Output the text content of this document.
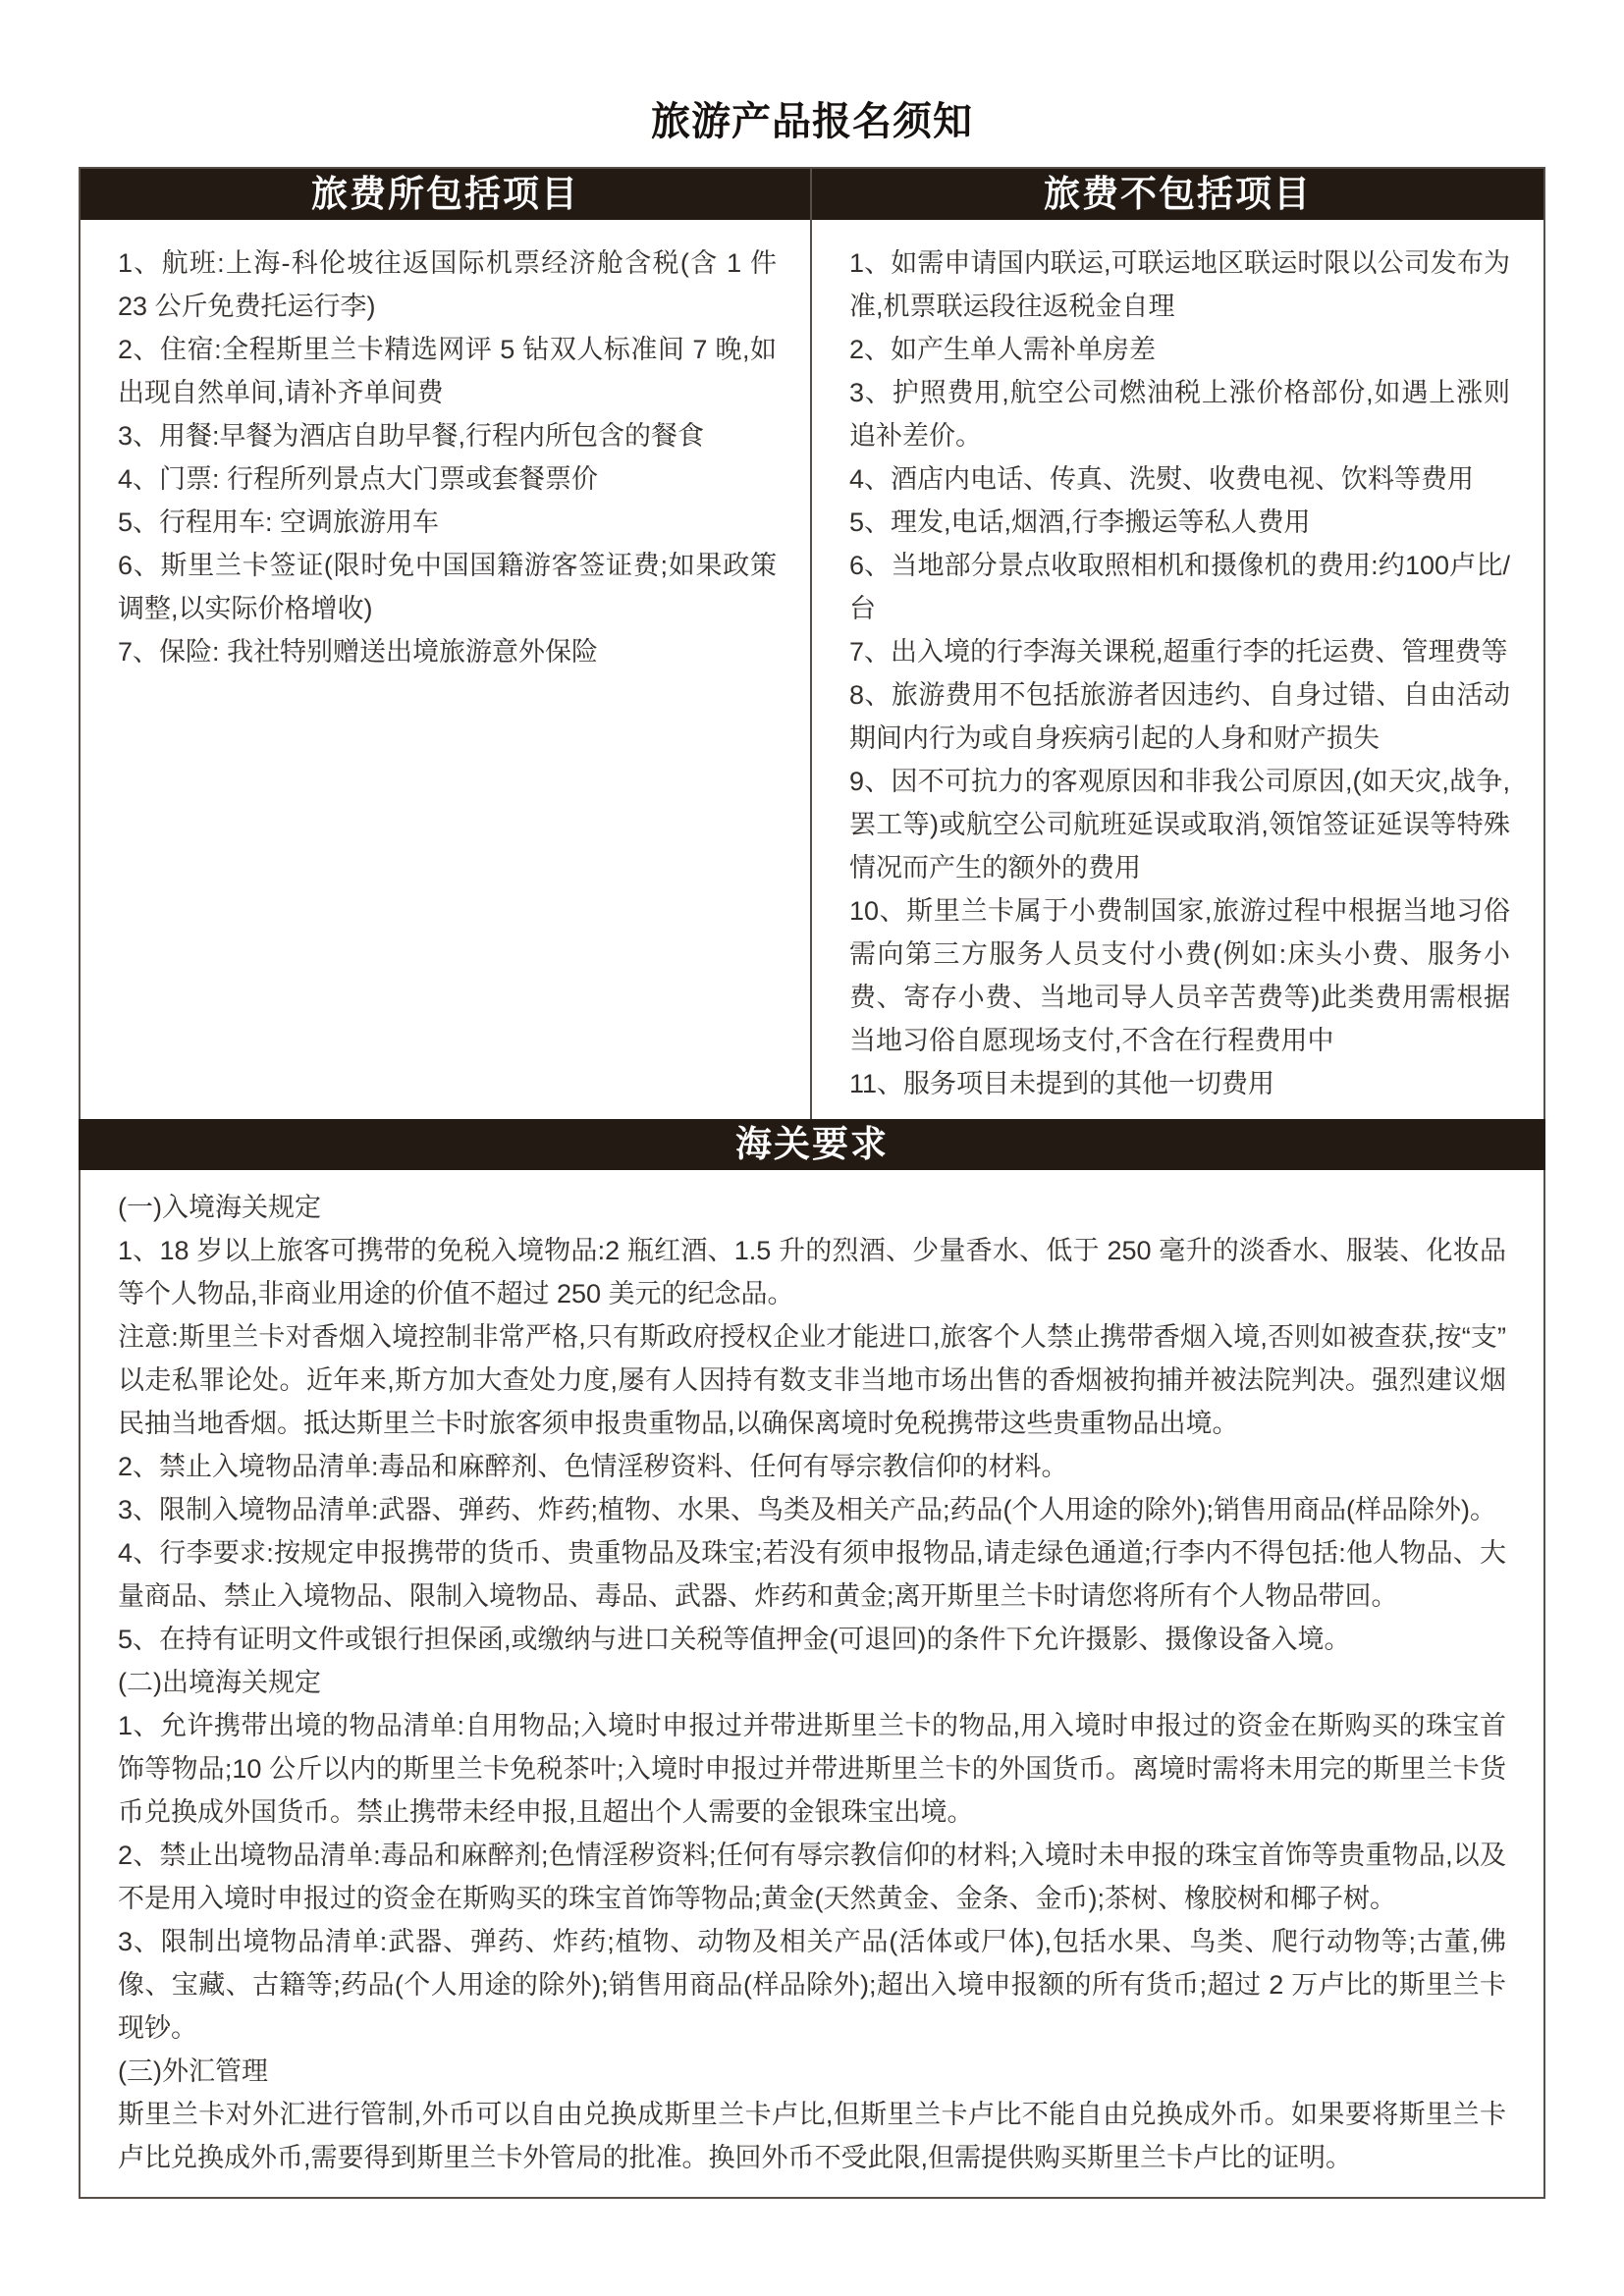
旅游产品报名须知
旅费所包括项目

1、航班:上海-科伦坡往返国际机票经济舱含税(含 1 件 23 公斤免费托运行李)

2、住宿:全程斯里兰卡精选网评 5 钻双人标准间 7 晚,如出现自然单间,请补齐单间费

3、用餐:早餐为酒店自助早餐,行程内所包含的餐食

4、门票: 行程所列景点大门票或套餐票价

5、行程用车: 空调旅游用车

6、斯里兰卡签证(限时免中国国籍游客签证费;如果政策调整,以实际价格增收)

7、保险: 我社特别赠送出境旅游意外保险

旅费不包括项目

1、如需申请国内联运,可联运地区联运时限以公司发布为准,机票联运段往返税金自理

2、如产生单人需补单房差

3、护照费用,航空公司燃油税上涨价格部份,如遇上涨则追补差价。

4、酒店内电话、传真、洗熨、收费电视、饮料等费用

5、理发,电话,烟酒,行李搬运等私人费用

6、当地部分景点收取照相机和摄像机的费用:约100卢比/台

7、出入境的行李海关课税,超重行李的托运费、管理费等

8、旅游费用不包括旅游者因违约、自身过错、自由活动期间内行为或自身疾病引起的人身和财产损失

9、因不可抗力的客观原因和非我公司原因,(如天灾,战争,罢工等)或航空公司航班延误或取消,领馆签证延误等特殊情况而产生的额外的费用

10、斯里兰卡属于小费制国家,旅游过程中根据当地习俗需向第三方服务人员支付小费(例如:床头小费、服务小费、寄存小费、当地司导人员辛苦费等)此类费用需根据当地习俗自愿现场支付,不含在行程费用中

11、服务项目未提到的其他一切费用

海关要求

(一)入境海关规定

1、18 岁以上旅客可携带的免税入境物品:2 瓶红酒、1.5 升的烈酒、少量香水、低于 250 毫升的淡香水、服装、化妆品等个人物品,非商业用途的价值不超过 250 美元的纪念品。

注意:斯里兰卡对香烟入境控制非常严格,只有斯政府授权企业才能进口,旅客个人禁止携带香烟入境,否则如被查获,按“支”以走私罪论处。近年来,斯方加大查处力度,屡有人因持有数支非当地市场出售的香烟被拘捕并被法院判决。强烈建议烟民抽当地香烟。抵达斯里兰卡时旅客须申报贵重物品,以确保离境时免税携带这些贵重物品出境。

2、禁止入境物品清单:毒品和麻醉剂、色情淫秽资料、任何有辱宗教信仰的材料。

3、限制入境物品清单:武器、弹药、炸药;植物、水果、鸟类及相关产品;药品(个人用途的除外);销售用商品(样品除外)。

4、行李要求:按规定申报携带的货币、贵重物品及珠宝;若没有须申报物品,请走绿色通道;行李内不得包括:他人物品、大量商品、禁止入境物品、限制入境物品、毒品、武器、炸药和黄金;离开斯里兰卡时请您将所有个人物品带回。

5、在持有证明文件或银行担保函,或缴纳与进口关税等值押金(可退回)的条件下允许摄影、摄像设备入境。

(二)出境海关规定

1、允许携带出境的物品清单:自用物品;入境时申报过并带进斯里兰卡的物品,用入境时申报过的资金在斯购买的珠宝首饰等物品;10 公斤以内的斯里兰卡免税茶叶;入境时申报过并带进斯里兰卡的外国货币。离境时需将未用完的斯里兰卡货币兑换成外国货币。禁止携带未经申报,且超出个人需要的金银珠宝出境。

2、禁止出境物品清单:毒品和麻醉剂;色情淫秽资料;任何有辱宗教信仰的材料;入境时未申报的珠宝首饰等贵重物品,以及不是用入境时申报过的资金在斯购买的珠宝首饰等物品;黄金(天然黄金、金条、金币);茶树、橡胶树和椰子树。

3、限制出境物品清单:武器、弹药、炸药;植物、动物及相关产品(活体或尸体),包括水果、鸟类、爬行动物等;古董,佛像、宝藏、古籍等;药品(个人用途的除外);销售用商品(样品除外);超出入境申报额的所有货币;超过 2 万卢比的斯里兰卡现钞。

(三)外汇管理

斯里兰卡对外汇进行管制,外币可以自由兑换成斯里兰卡卢比,但斯里兰卡卢比不能自由兑换成外币。如果要将斯里兰卡卢比兑换成外币,需要得到斯里兰卡外管局的批准。换回外币不受此限,但需提供购买斯里兰卡卢比的证明。
